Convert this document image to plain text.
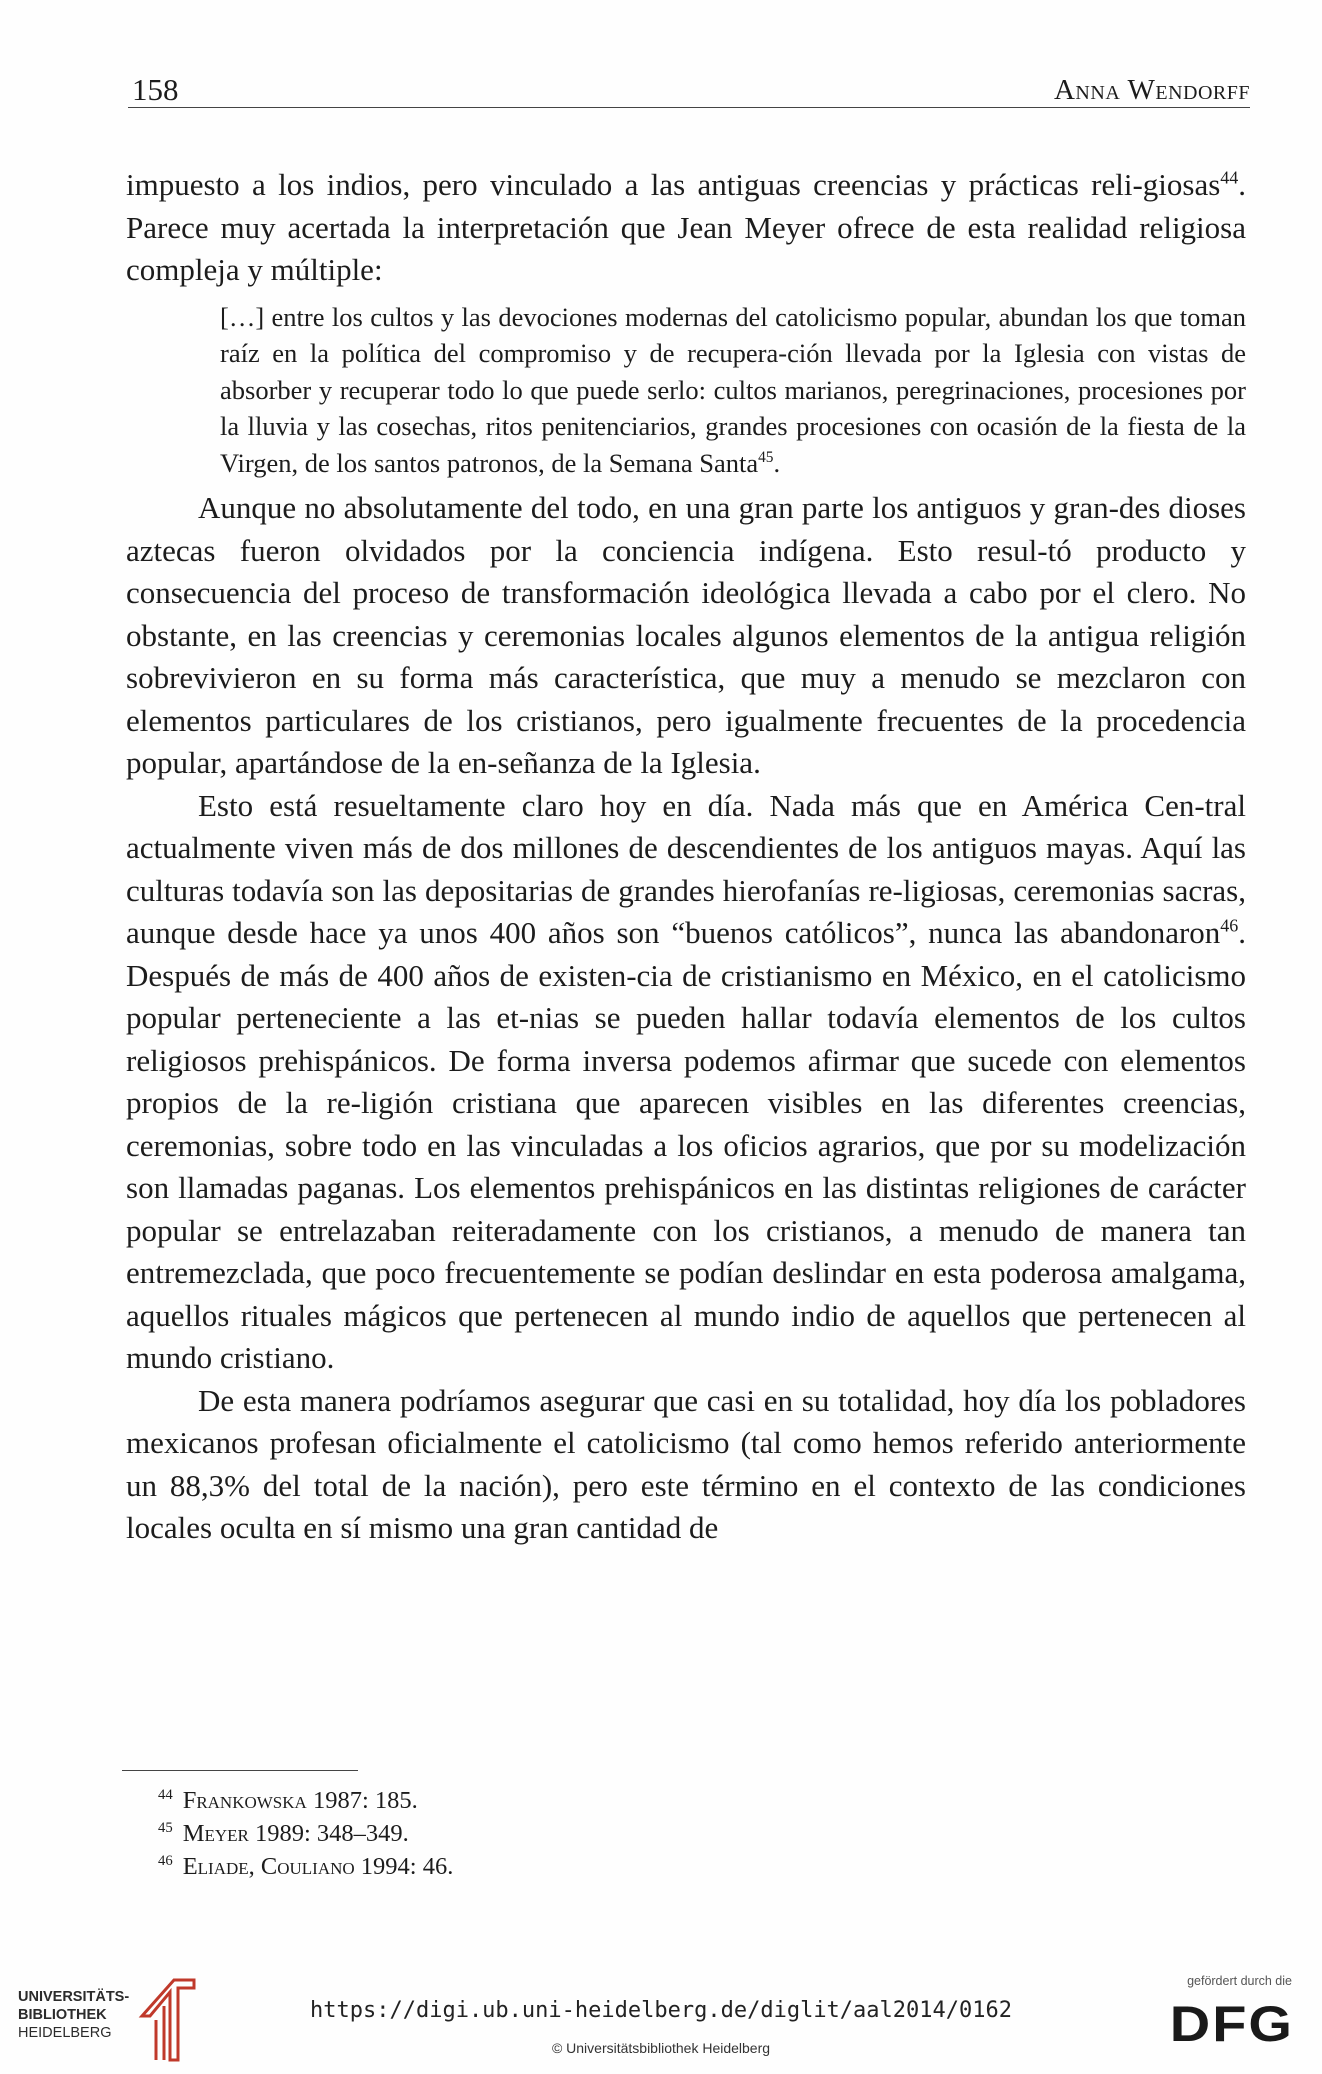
158	Anna Wendorff

impuesto a los indios, pero vinculado a las antiguas creencias y prácticas reli-giosas$^{44}$. Parece muy acertada la interpretación que Jean Meyer ofrece de esta realidad religiosa compleja y múltiple:

[…] entre los cultos y las devociones modernas del catolicismo popular, abundan los que toman raíz en la política del compromiso y de recupera-ción llevada por la Iglesia con vistas de absorber y recuperar todo lo que puede serlo: cultos marianos, peregrinaciones, procesiones por la lluvia y las cosechas, ritos penitenciarios, grandes procesiones con ocasión de la fiesta de la Virgen, de los santos patronos, de la Semana Santa$^{45}$.

Aunque no absolutamente del todo, en una gran parte los antiguos y gran-des dioses aztecas fueron olvidados por la conciencia indígena. Esto resul-tó producto y consecuencia del proceso de transformación ideológica llevada a cabo por el clero. No obstante, en las creencias y ceremonias locales algunos elementos de la antigua religión sobrevivieron en su forma más característica, que muy a menudo se mezclaron con elementos particulares de los cristianos, pero igualmente frecuentes de la procedencia popular, apartándose de la en-señanza de la Iglesia.

Esto está resueltamente claro hoy en día. Nada más que en América Cen-tral actualmente viven más de dos millones de descendientes de los antiguos mayas. Aquí las culturas todavía son las depositarias de grandes hierofanías re-ligiosas, ceremonias sacras, aunque desde hace ya unos 400 años son “buenos católicos”, nunca las abandonaron$^{46}$. Después de más de 400 años de existen-cia de cristianismo en México, en el catolicismo popular perteneciente a las et-nias se pueden hallar todavía elementos de los cultos religiosos prehispánicos. De forma inversa podemos afirmar que sucede con elementos propios de la re-ligión cristiana que aparecen visibles en las diferentes creencias, ceremonias, sobre todo en las vinculadas a los oficios agrarios, que por su modelización son llamadas paganas. Los elementos prehispánicos en las distintas religiones de carácter popular se entrelazaban reiteradamente con los cristianos, a menudo de manera tan entremezclada, que poco frecuentemente se podían deslindar en esta poderosa amalgama, aquellos rituales mágicos que pertenecen al mundo indio de aquellos que pertenecen al mundo cristiano.

De esta manera podríamos asegurar que casi en su totalidad, hoy día los pobladores mexicanos profesan oficialmente el catolicismo (tal como hemos referido anteriormente un 88,3% del total de la nación), pero este término en el contexto de las condiciones locales oculta en sí mismo una gran cantidad de

$^{44}$ Frankowska 1987: 185.
$^{45}$ Meyer 1989: 348–349.
$^{46}$ Eliade, Couliano 1994: 46.
UNIVERSITÄTS-
BIBLIOTHEK
HEIDELBERG
https://digi.ub.uni-heidelberg.de/diglit/aal2014/0162
© Universitätsbibliothek Heidelberg
gefördert durch die
DFG
